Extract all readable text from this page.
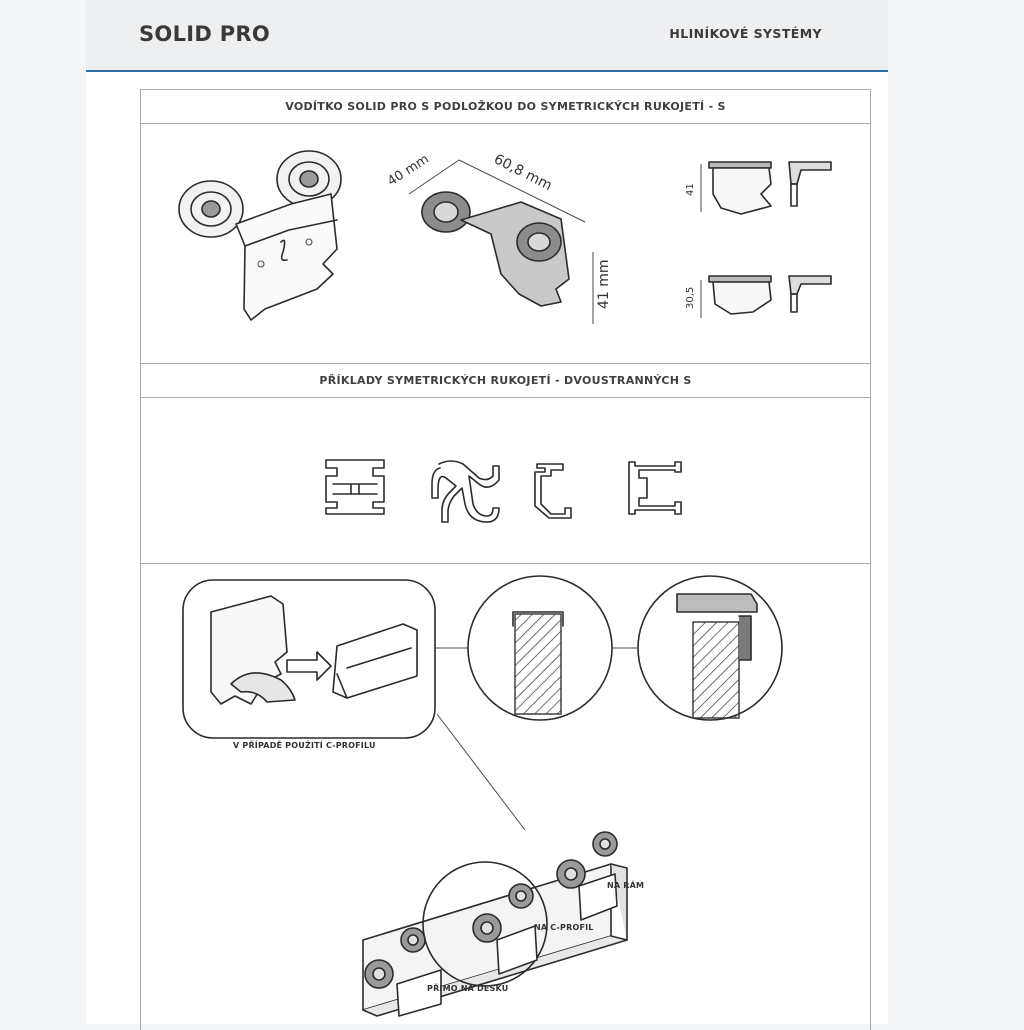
SOLID PRO	HLINÍKOVÉ SYSTÉMY
VODÍTKO SOLID PRO S PODLOŽKOU DO SYMETRICKÝCH RUKOJETÍ - S
40 mm	60,8 mm
41 mm
41
30,5
PŘÍKLADY SYMETRICKÝCH RUKOJETÍ - DVOUSTRANNÝCH S
V PŘÍPADĚ POUŽITÍ C-PROFILU
NA RÁM
NA C-PROFIL
PŘÍMO NA DESKU
